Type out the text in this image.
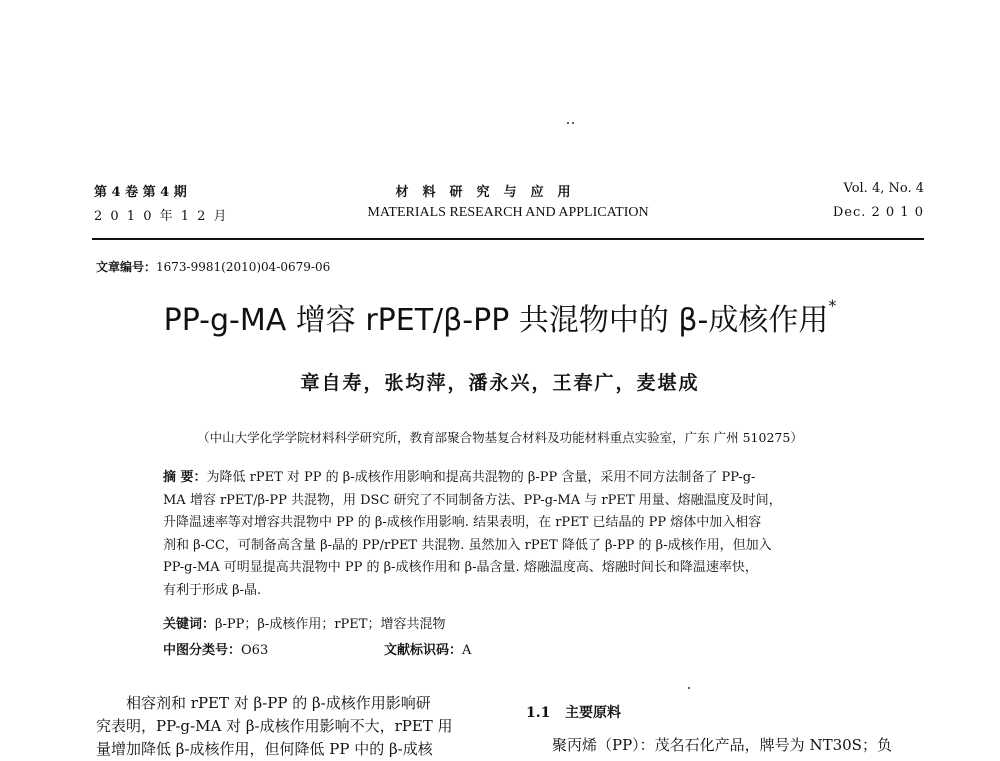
第 4 卷 第 4 期
2 0 1 0 年 1 2 月
材料研究与应用
MATERIALS RESEARCH AND APPLICATION
Vol. 4, No. 4
Dec. 2 0 1 0
文章编号：1673-9981(2010)04-0679-06
PP-g-MA 增容 rPET/β-PP 共混物中的 β-成核作用*
章自寿，张均萍，潘永兴，王春广，麦堪成
（中山大学化学学院材料科学研究所，教育部聚合物基复合材料及功能材料重点实验室，广东 广州 510275）
摘 要：为降低 rPET 对 PP 的 β-成核作用影响和提高共混物的 β-PP 含量，采用不同方法制备了 PP-g-
MA 增容 rPET/β-PP 共混物，用 DSC 研究了不同制备方法、PP-g-MA 与 rPET 用量、熔融温度及时间，
升降温速率等对增容共混物中 PP 的 β-成核作用影响. 结果表明，在 rPET 已结晶的 PP 熔体中加入相容
剂和 β-CC，可制备高含量 β-晶的 PP/rPET 共混物. 虽然加入 rPET 降低了 β-PP 的 β-成核作用，但加入
PP-g-MA 可明显提高共混物中 PP 的 β-成核作用和 β-晶含量. 熔融温度高、熔融时间长和降温速率快，
有利于形成 β-晶.
关键词：β-PP；β-成核作用；rPET；增容共混物
中图分类号：O63	文献标识码：A
相容剂和 rPET 对 β-PP 的 β-成核作用影响研
究表明，PP-g-MA 对 β-成核作用影响不大，rPET 用
量增加降低 β-成核作用，但何降低 PP 中的 β-成核
1.1 主要原料
聚丙烯（PP）：茂名石化产品，牌号为 NT30S；负
